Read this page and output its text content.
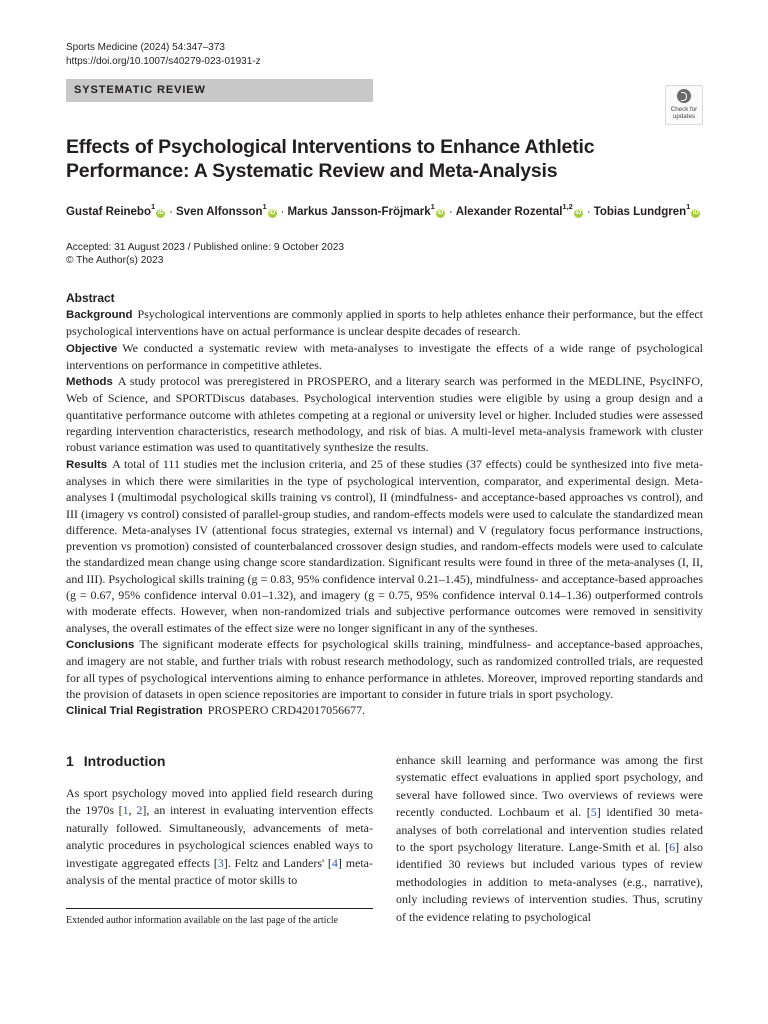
Sports Medicine (2024) 54:347–373
https://doi.org/10.1007/s40279-023-01931-z
SYSTEMATIC REVIEW
Check for
updates
Effects of Psychological Interventions to Enhance Athletic Performance: A Systematic Review and Meta-Analysis
Gustaf Reinebo$^1$iD · Sven Alfonsson$^1$iD · Markus Jansson-Fröjmark$^1$iD · Alexander Rozental$^{1,2}$iD · Tobias Lundgren$^1$iD
Accepted: 31 August 2023 / Published online: 9 October 2023
© The Author(s) 2023
Abstract

Background Psychological interventions are commonly applied in sports to help athletes enhance their performance, but the effect psychological interventions have on actual performance is unclear despite decades of research.

Objective We conducted a systematic review with meta-analyses to investigate the effects of a wide range of psychological interventions on performance in competitive athletes.

Methods A study protocol was preregistered in PROSPERO, and a literary search was performed in the MEDLINE, PsycINFO, Web of Science, and SPORTDiscus databases. Psychological intervention studies were eligible by using a group design and a quantitative performance outcome with athletes competing at a regional or university level or higher. Included studies were assessed regarding intervention characteristics, research methodology, and risk of bias. A multi-level meta-analysis framework with cluster robust variance estimation was used to quantitatively synthesize the results.

Results A total of 111 studies met the inclusion criteria, and 25 of these studies (37 effects) could be synthesized into five meta-analyses in which there were similarities in the type of psychological intervention, comparator, and experimental design. Meta-analyses I (multimodal psychological skills training vs control), II (mindfulness- and acceptance-based approaches vs control), and III (imagery vs control) consisted of parallel-group studies, and random-effects models were used to calculate the standardized mean difference. Meta-analyses IV (attentional focus strategies, external vs internal) and V (regulatory focus performance instructions, prevention vs promotion) consisted of counterbalanced crossover design studies, and random-effects models were used to calculate the standardized mean change using change score standardization. Significant results were found in three of the meta-analyses (I, II, and III). Psychological skills training (g = 0.83, 95% confidence interval 0.21–1.45), mindfulness- and acceptance-based approaches (g = 0.67, 95% confidence interval 0.01–1.32), and imagery (g = 0.75, 95% confidence interval 0.14–1.36) outperformed controls with moderate effects. However, when non-randomized trials and subjective performance outcomes were removed in sensitivity analyses, the overall estimates of the effect size were no longer significant in any of the syntheses.

Conclusions The significant moderate effects for psychological skills training, mindfulness- and acceptance-based approaches, and imagery are not stable, and further trials with robust research methodology, such as randomized controlled trials, are requested for all types of psychological interventions aiming to enhance performance in athletes. Moreover, improved reporting standards and the provision of datasets in open science repositories are important to consider in future trials in sport psychology.

Clinical Trial Registration PROSPERO CRD42017056677.

1 Introduction

As sport psychology moved into applied field research during the 1970s [1, 2], an interest in evaluating intervention effects naturally followed. Simultaneously, advancements of meta-analytic procedures in psychological sciences enabled ways to investigate aggregated effects [3]. Feltz and Landers' [4] meta-analysis of the mental practice of motor skills to

enhance skill learning and performance was among the first systematic effect evaluations in applied sport psychology, and several have followed since. Two overviews of reviews were recently conducted. Lochbaum et al. [5] identified 30 meta-analyses of both correlational and intervention studies related to the sport psychology literature. Lange-Smith et al. [6] also identified 30 reviews but included various types of review methodologies in addition to meta-analyses (e.g., narrative), only including reviews of intervention studies. Thus, scrutiny of the evidence relating to psychological

Extended author information available on the last page of the article
